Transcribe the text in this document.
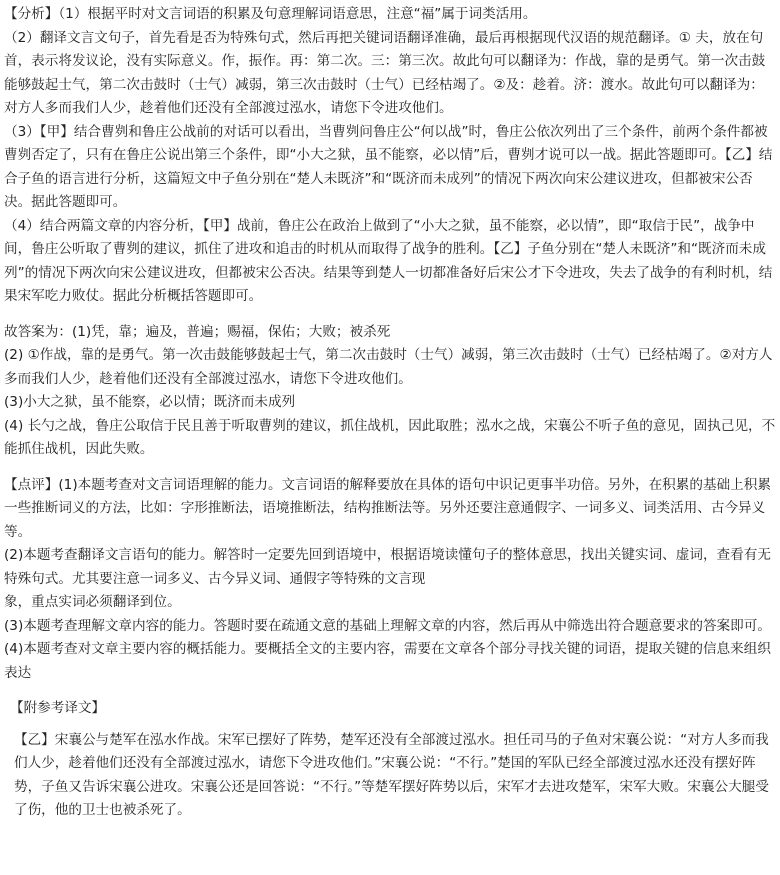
【分析】（1）根据平时对文言词语的积累及句意理解词语意思，注意“福”属于词类活用。

（2）翻译文言文句子，首先看是否为特殊句式，然后再把关键词语翻译准确，最后再根据现代汉语的规范翻译。① 夫，放在句首，表示将发议论，没有实际意义。作，振作。再：第二次。三：第三次。故此句可以翻译为：作战，靠的是勇气。第一次击鼓能够鼓起士气，第二次击鼓时（士气）减弱，第三次击鼓时（士气）已经枯竭了。②及：趁着。济：渡水。故此句可以翻译为： 对方人多而我们人少，趁着他们还没有全部渡过泓水，请您下令进攻他们。

（3）【甲】结合曹刿和鲁庄公战前的对话可以看出，当曹刿问鲁庄公“何以战”时，鲁庄公依次列出了三个条件，前两个条件都被曹刿否定了，只有在鲁庄公说出第三个条件，即“小大之狱，虽不能察，必以情”后，曹刿才说可以一战。据此答题即可。【乙】结合子鱼的语言进行分析，这篇短文中子鱼分别在“楚人未既济”和“既济而未成列”的情况下两次向宋公建议进攻，但都被宋公否决。据此答题即可。

（4）结合两篇文章的内容分析，【甲】战前，鲁庄公在政治上做到了“小大之狱，虽不能察，必以情”，即“取信于民”，战争中间，鲁庄公听取了曹刿的建议，抓住了进攻和追击的时机从而取得了战争的胜利。【乙】子鱼分别在“楚人未既济”和“既济而未成列”的情况下两次向宋公建议进攻，但都被宋公否决。结果等到楚人一切都准备好后宋公才下令进攻，失去了战争的有利时机，结果宋军吃力败仗。据此分析概括答题即可。

故答案为：(1)凭，靠；遍及，普遍；赐福，保佑；大败；被杀死

(2) ①作战，靠的是勇气。第一次击鼓能够鼓起士气，第二次击鼓时（士气）减弱，第三次击鼓时（士气）已经枯竭了。②对方人多而我们人少，趁着他们还没有全部渡过泓水，请您下令进攻他们。

(3)小大之狱，虽不能察，必以情；既济而未成列

(4) 长勺之战，鲁庄公取信于民且善于听取曹刿的建议，抓住战机，因此取胜；泓水之战，宋襄公不听子鱼的意见，固执己见，不能抓住战机，因此失败。

【点评】(1)本题考查对文言词语理解的能力。文言词语的解释要放在具体的语句中识记更事半功倍。另外，在积累的基础上积累一些推断词义的方法，比如：字形推断法，语境推断法，结构推断法等。另外还要注意通假字、一词多义、词类活用、古今异义等。

(2)本题考查翻译文言语句的能力。解答时一定要先回到语境中，根据语境读懂句子的整体意思，找出关键实词、虚词，查看有无特殊句式。尤其要注意一词多义、古今异义词、通假字等特殊的文言现

象，重点实词必须翻译到位。

(3)本题考查理解文章内容的能力。答题时要在疏通文意的基础上理解文章的内容，然后再从中筛选出符合题意要求的答案即可。

(4)本题考查对文章主要内容的概括能力。要概括全文的主要内容，需要在文章各个部分寻找关键的词语，提取关键的信息来组织表达

【附参考译文】

【乙】宋襄公与楚军在泓水作战。宋军已摆好了阵势，楚军还没有全部渡过泓水。担任司马的子鱼对宋襄公说：“对方人多而我们人少，趁着他们还没有全部渡过泓水，请您下令进攻他们。”宋襄公说：“不行。”楚国的军队已经全部渡过泓水还没有摆好阵势，子鱼又告诉宋襄公进攻。宋襄公还是回答说：“不行。”等楚军摆好阵势以后，宋军才去进攻楚军，宋军大败。宋襄公大腿受了伤，他的卫士也被杀死了。
